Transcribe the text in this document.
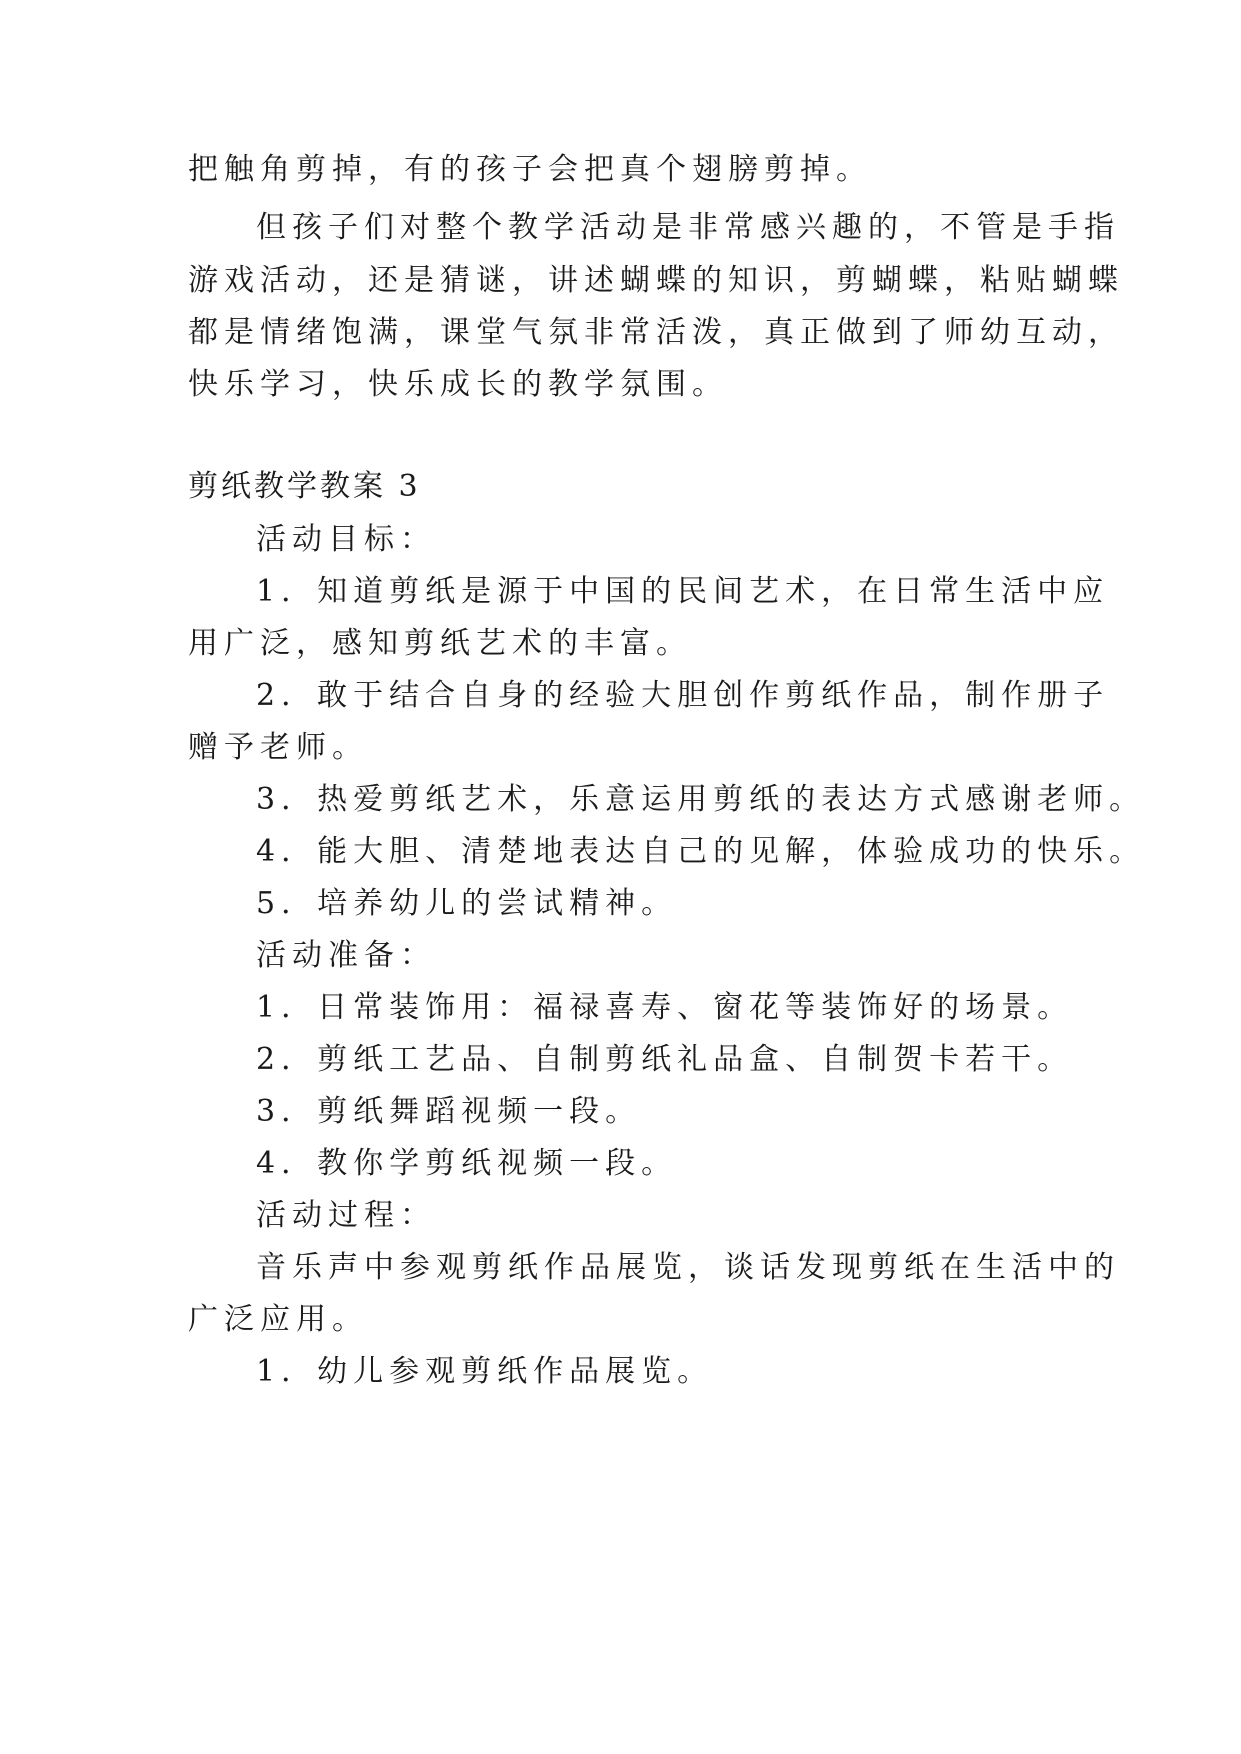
把触角剪掉，有的孩子会把真个翅膀剪掉。
但孩子们对整个教学活动是非常感兴趣的，不管是手指
游戏活动，还是猜谜，讲述蝴蝶的知识，剪蝴蝶，粘贴蝴蝶
都是情绪饱满，课堂气氛非常活泼，真正做到了师幼互动，
快乐学习，快乐成长的教学氛围。
剪纸教学教案 3
活动目标：
1．知道剪纸是源于中国的民间艺术，在日常生活中应
用广泛，感知剪纸艺术的丰富。
2．敢于结合自身的经验大胆创作剪纸作品，制作册子
赠予老师。
3．热爱剪纸艺术，乐意运用剪纸的表达方式感谢老师。
4．能大胆、清楚地表达自己的见解，体验成功的快乐。
5．培养幼儿的尝试精神。
活动准备：
1．日常装饰用：福禄喜寿、窗花等装饰好的场景。
2．剪纸工艺品、自制剪纸礼品盒、自制贺卡若干。
3．剪纸舞蹈视频一段。
4．教你学剪纸视频一段。
活动过程：
音乐声中参观剪纸作品展览，谈话发现剪纸在生活中的
广泛应用。
1．幼儿参观剪纸作品展览。
